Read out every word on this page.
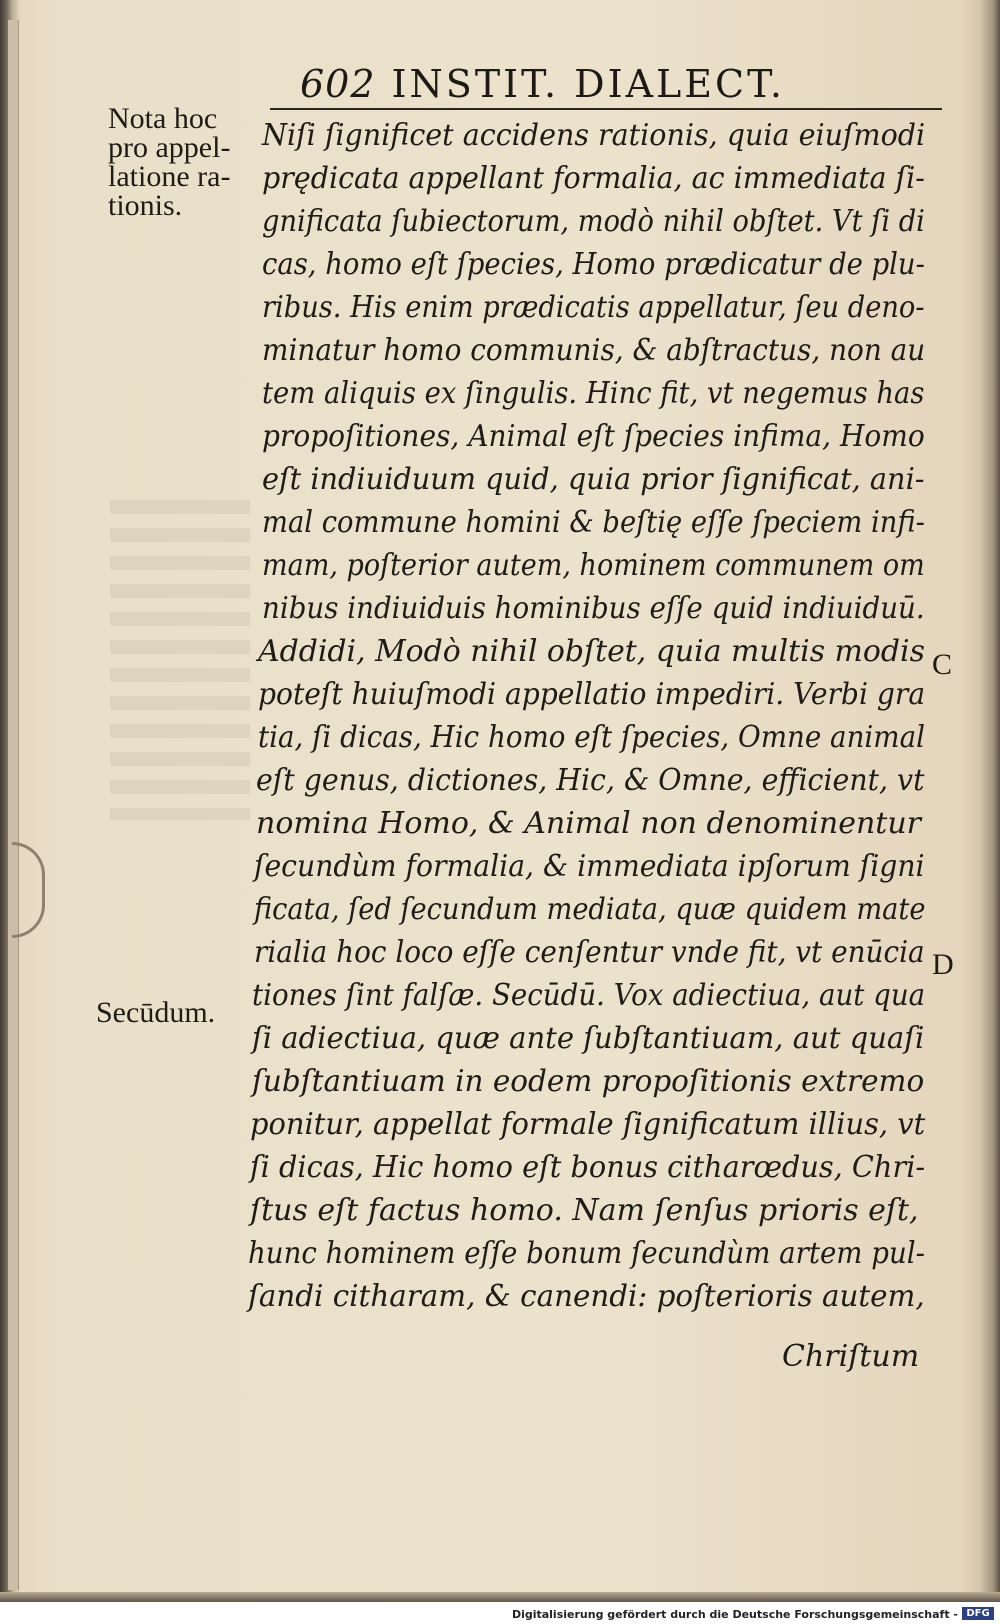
602 INSTIT. DIALECT.
Nota hoc
pro appel-
latione ra-
tionis.
Secūdum.
C
D
Niſi ſignificet accidens rationis, quia eiuſmodi
prędicata appellant formalia, ac immediata ſi-
gnificata ſubiectorum, modò nihil obſtet. Vt ſi di
cas, homo eſt ſpecies, Homo prædicatur de plu-
ribus. His enim prædicatis appellatur, ſeu deno-
minatur homo communis, & abſtractus, non au
tem aliquis ex ſingulis. Hinc fit, vt negemus has
propoſitiones, Animal eſt ſpecies infima, Homo
eſt indiuiduum quid, quia prior ſignificat, ani-
mal commune homini & beſtię eſſe ſpeciem infi-
mam, poſterior autem, hominem communem om
nibus indiuiduis hominibus eſſe quid indiuiduū.
Addidi, Modò nihil obſtet, quia multis modis
poteſt huiuſmodi appellatio impediri. Verbi gra
tia, ſi dicas, Hic homo eſt ſpecies, Omne animal
eſt genus, dictiones, Hic, & Omne, efficient, vt
nomina Homo, & Animal non denominentur
ſecundùm formalia, & immediata ipſorum ſigni
ficata, ſed ſecundum mediata, quæ quidem mate
rialia hoc loco eſſe cenſentur vnde fit, vt enūcia
tiones ſint falſæ. Secūdū. Vox adiectiua, aut qua
ſi adiectiua, quæ ante ſubſtantiuam, aut quaſi
ſubſtantiuam in eodem propoſitionis extremo
ponitur, appellat formale ſignificatum illius, vt
ſi dicas, Hic homo eſt bonus citharœdus, Chri-
ſtus eſt factus homo. Nam ſenſus prioris eſt,
hunc hominem eſſe bonum ſecundùm artem pul-
ſandi citharam, & canendi: poſterioris autem,
Chriſtum
Digitalisierung gefördert durch die Deutsche Forschungsgemeinschaft - DFG
